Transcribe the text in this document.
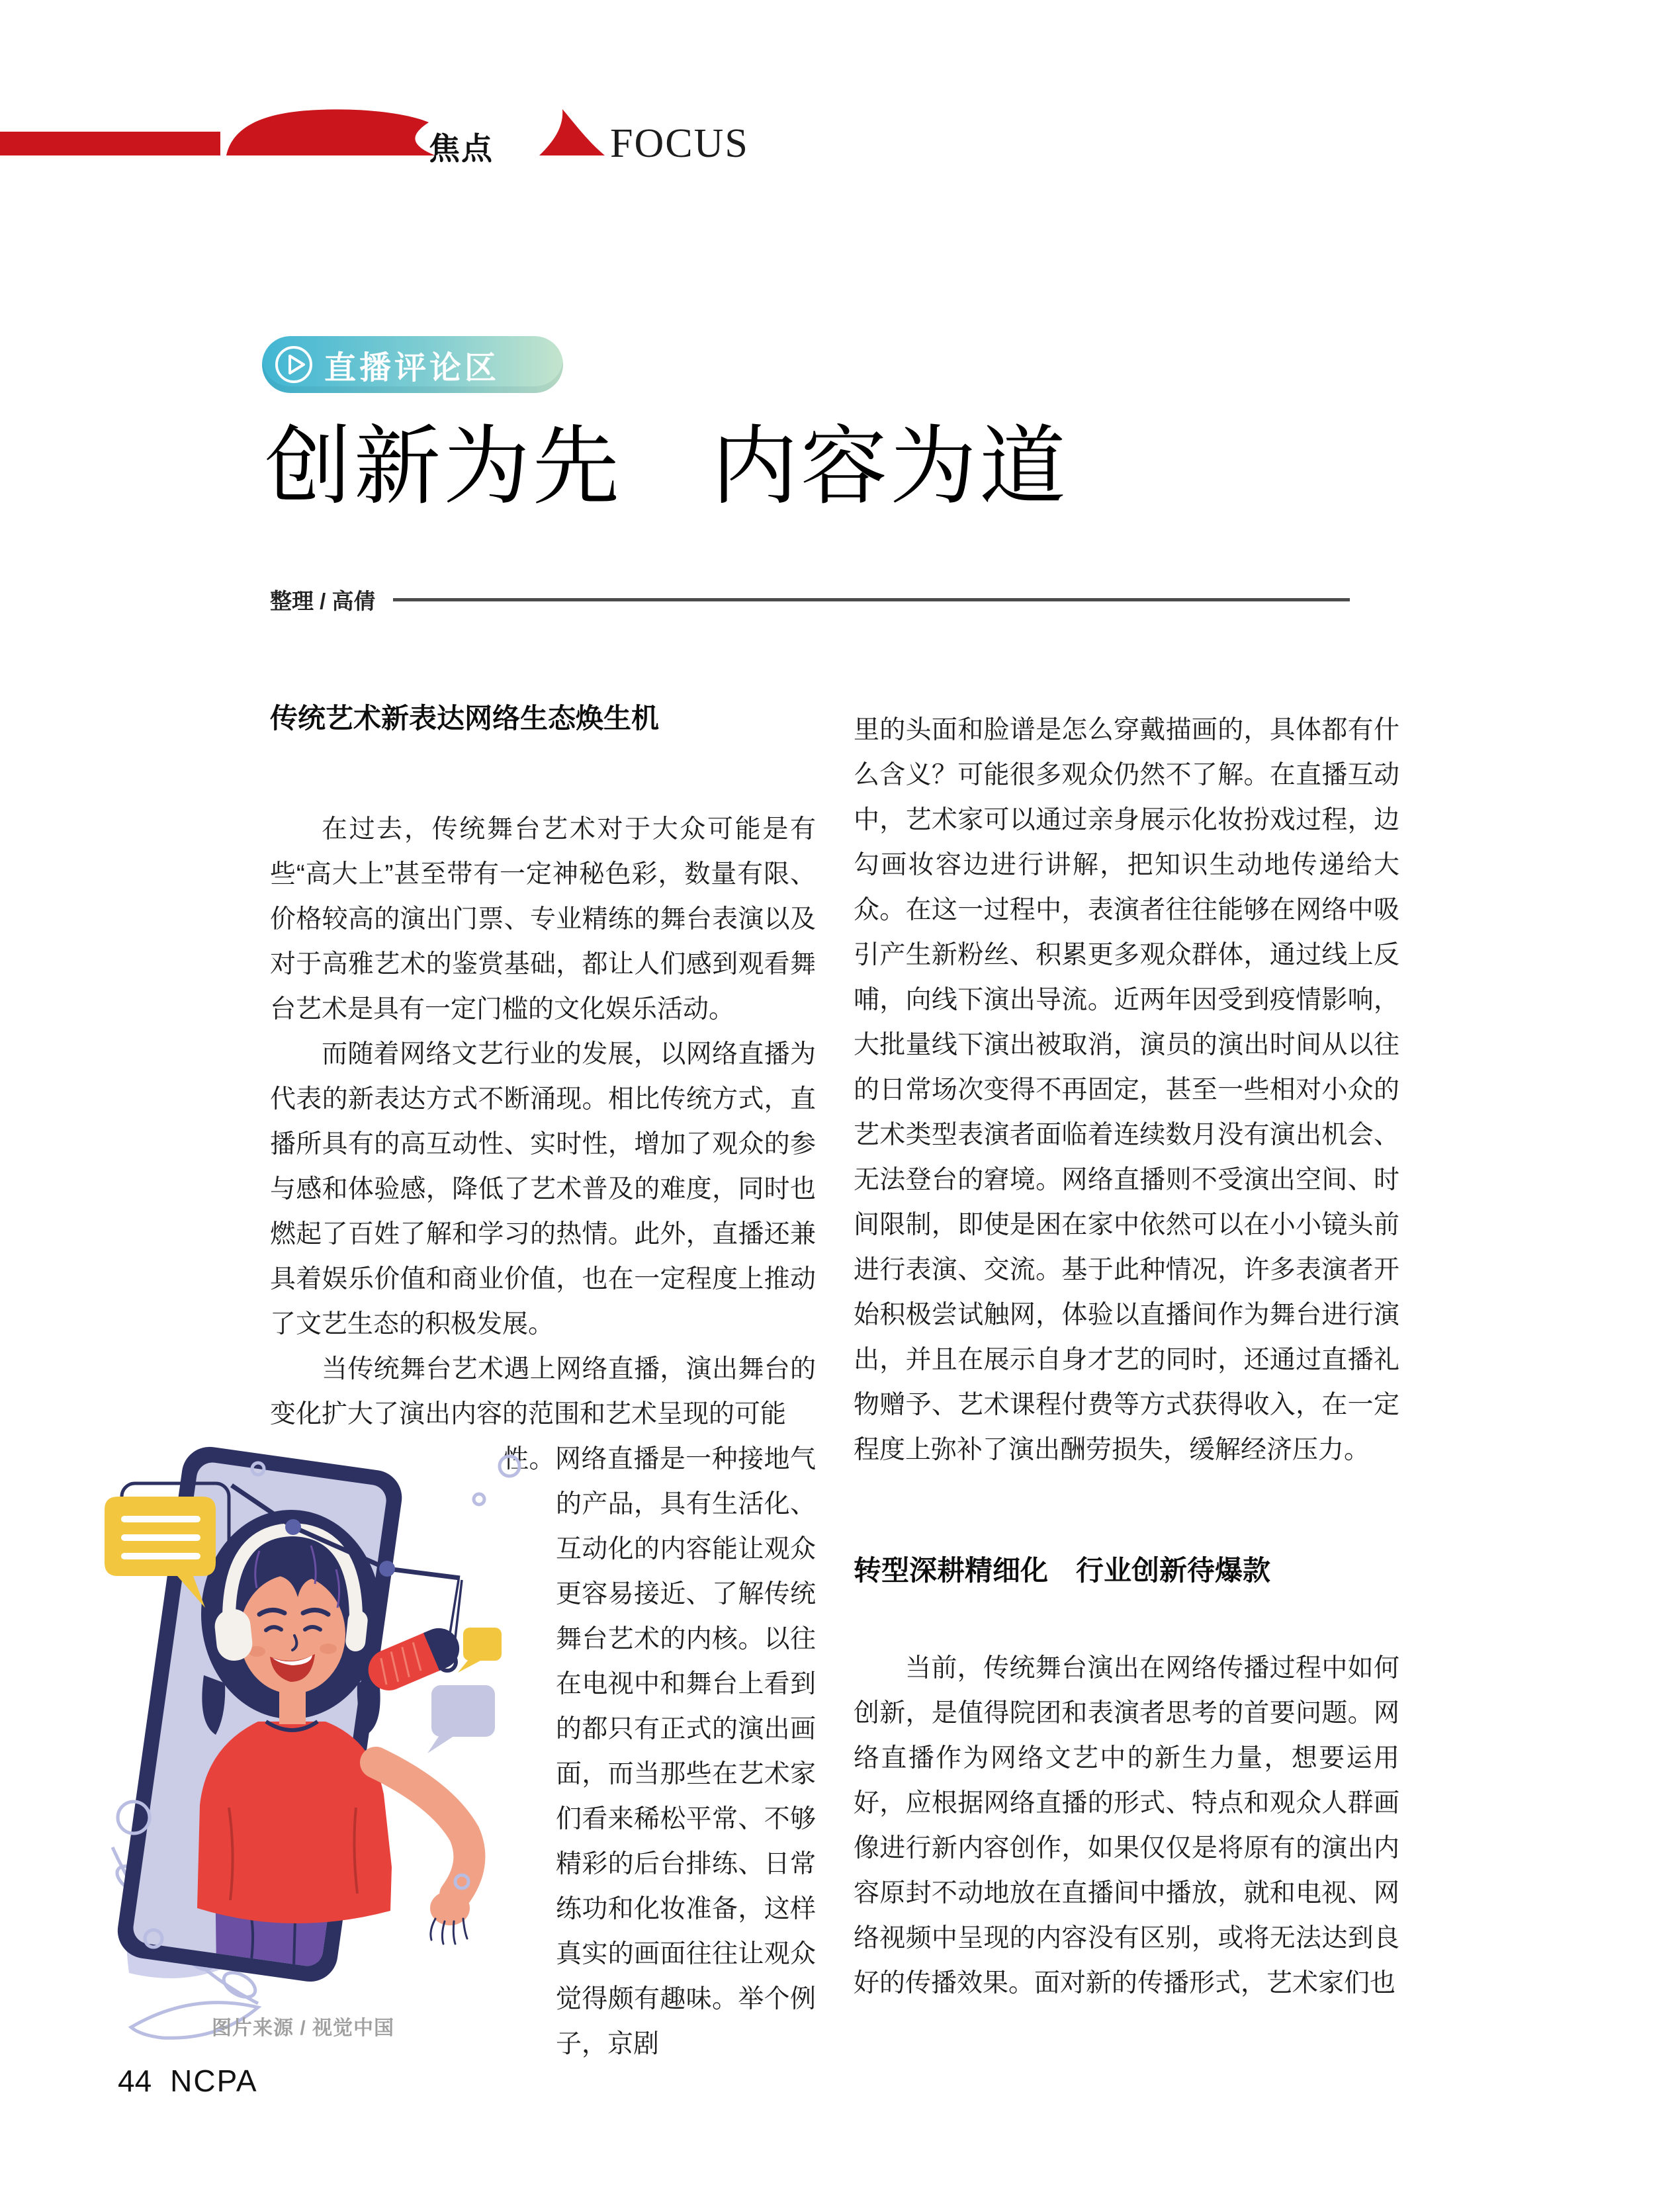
焦点	FOCUS
直播评论区
创新为先　内容为道
整理 / 高倩
传统艺术新表达网络生态焕生机

在过去，传统舞台艺术对于大众可能是有些“高大上”甚至带有一定神秘色彩，数量有限、价格较高的演出门票、专业精练的舞台表演以及对于高雅艺术的鉴赏基础，都让人们感到观看舞台艺术是具有一定门槛的文化娱乐活动。

而随着网络文艺行业的发展，以网络直播为代表的新表达方式不断涌现。相比传统方式，直播所具有的高互动性、实时性，增加了观众的参与感和体验感，降低了艺术普及的难度，同时也燃起了百姓了解和学习的热情。此外，直播还兼具着娱乐价值和商业价值，也在一定程度上推动了文艺生态的积极发展。

当传统舞台艺术遇上网络直播，演出舞台的变化扩大了演出内容的范围和艺术呈现的可能

图片来源 / 视觉中国
性。网络直播是一种接地气的产品，具有生活化、互动化的内容能让观众更容易接近、了解传统舞台艺术的内核。以往在电视中和舞台上看到的都只有正式的演出画面，而当那些在艺术家们看来稀松平常、不够精彩的后台排练、日常练功和化妆准备，这样真实的画面往往让观众觉得颇有趣味。举个例子，京剧

里的头面和脸谱是怎么穿戴描画的，具体都有什么含义？可能很多观众仍然不了解。在直播互动中，艺术家可以通过亲身展示化妆扮戏过程，边勾画妆容边进行讲解，把知识生动地传递给大众。在这一过程中，表演者往往能够在网络中吸引产生新粉丝、积累更多观众群体，通过线上反哺，向线下演出导流。近两年因受到疫情影响，大批量线下演出被取消，演员的演出时间从以往的日常场次变得不再固定，甚至一些相对小众的艺术类型表演者面临着连续数月没有演出机会、无法登台的窘境。网络直播则不受演出空间、时间限制，即使是困在家中依然可以在小小镜头前进行表演、交流。基于此种情况，许多表演者开始积极尝试触网，体验以直播间作为舞台进行演出，并且在展示自身才艺的同时，还通过直播礼物赠予、艺术课程付费等方式获得收入，在一定程度上弥补了演出酬劳损失，缓解经济压力。

转型深耕精细化　行业创新待爆款

当前，传统舞台演出在网络传播过程中如何创新，是值得院团和表演者思考的首要问题。网络直播作为网络文艺中的新生力量，想要运用好，应根据网络直播的形式、特点和观众人群画像进行新内容创作，如果仅仅是将原有的演出内容原封不动地放在直播间中播放，就和电视、网络视频中呈现的内容没有区别，或将无法达到良好的传播效果。面对新的传播形式，艺术家们也

44 NCPA
